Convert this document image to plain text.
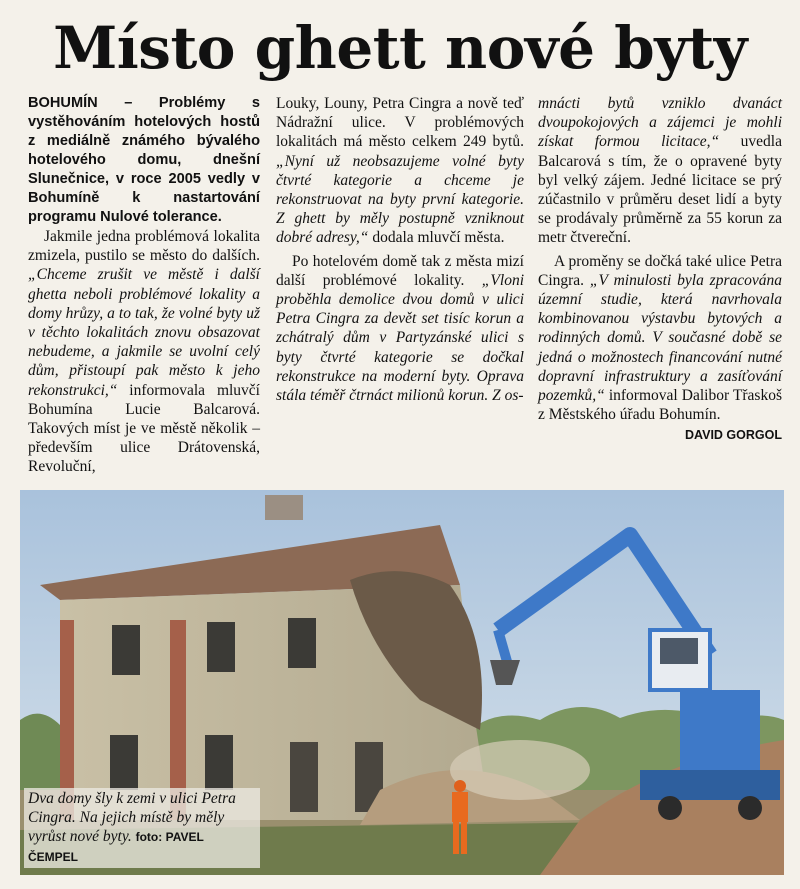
Místo ghett nové byty
BOHUMÍN – Problémy s vystěhováním hotelových hostů z mediálně známého bývalého hotelového domu, dnešní Slunečnice, v roce 2005 vedly v Bohumíně k nastartování programu Nulové tolerance.

Jakmile jedna problémová lokalita zmizela, pustilo se město do dalších. „Chceme zrušit ve městě i další ghetta neboli problémové lokality a domy hrůzy, a to tak, že volné byty už v těchto lokalitách znovu obsazovat nebudeme, a jakmile se uvolní celý dům, přistoupí pak město k jeho rekonstrukci,“ informovala mluvčí Bohumína Lucie Balcarová. Takových míst je ve městě několik – především ulice Drátovenská, Revoluční,

Louky, Louny, Petra Cingra a nově teď Nádražní ulice. V problémových lokalitách má město celkem 249 bytů. „Nyní už neobsazujeme volné byty čtvrté kategorie a chceme je rekonstruovat na byty první kategorie. Z ghett by měly postupně vzniknout dobré adresy,“ dodala mluvčí města.

Po hotelovém domě tak z města mizí další problémové lokality. „Vloni proběhla demolice dvou domů v ulici Petra Cingra za devět set tisíc korun a zchátralý dům v Partyzánské ulici s byty čtvrté kategorie se dočkal rekonstrukce na moderní byty. Opravа stála téměř čtrnáct milionů korun. Z os-

mnácti bytů vzniklo dvanáct dvoupokojových a zájemci je mohli získat formou licitace,“ uvedla Balcarová s tím, že o opravené byty byl velký zájem. Jedné licitace se prý zúčastnilo v průměru deset lidí a byty se prodávaly průměrně za 55 korun za metr čtvereční.

A proměny se dočká také ulice Petra Cingra. „V minulosti byla zpracována územní studie, která navrhovala kombinovanou výstavbu bytových a rodinných domů. V současné době se jedná o možnostech financování nutné dopravní infrastruktury a zasíťování pozemků,“ informoval Dalibor Třaskoš z Městského úřadu Bohumín.
DAVID GORGOL

Dva domy šly k zemi v ulici Petra Cingra. Na jejich místě by měly vyrůst nové byty. foto: PAVEL ČEMPEL
